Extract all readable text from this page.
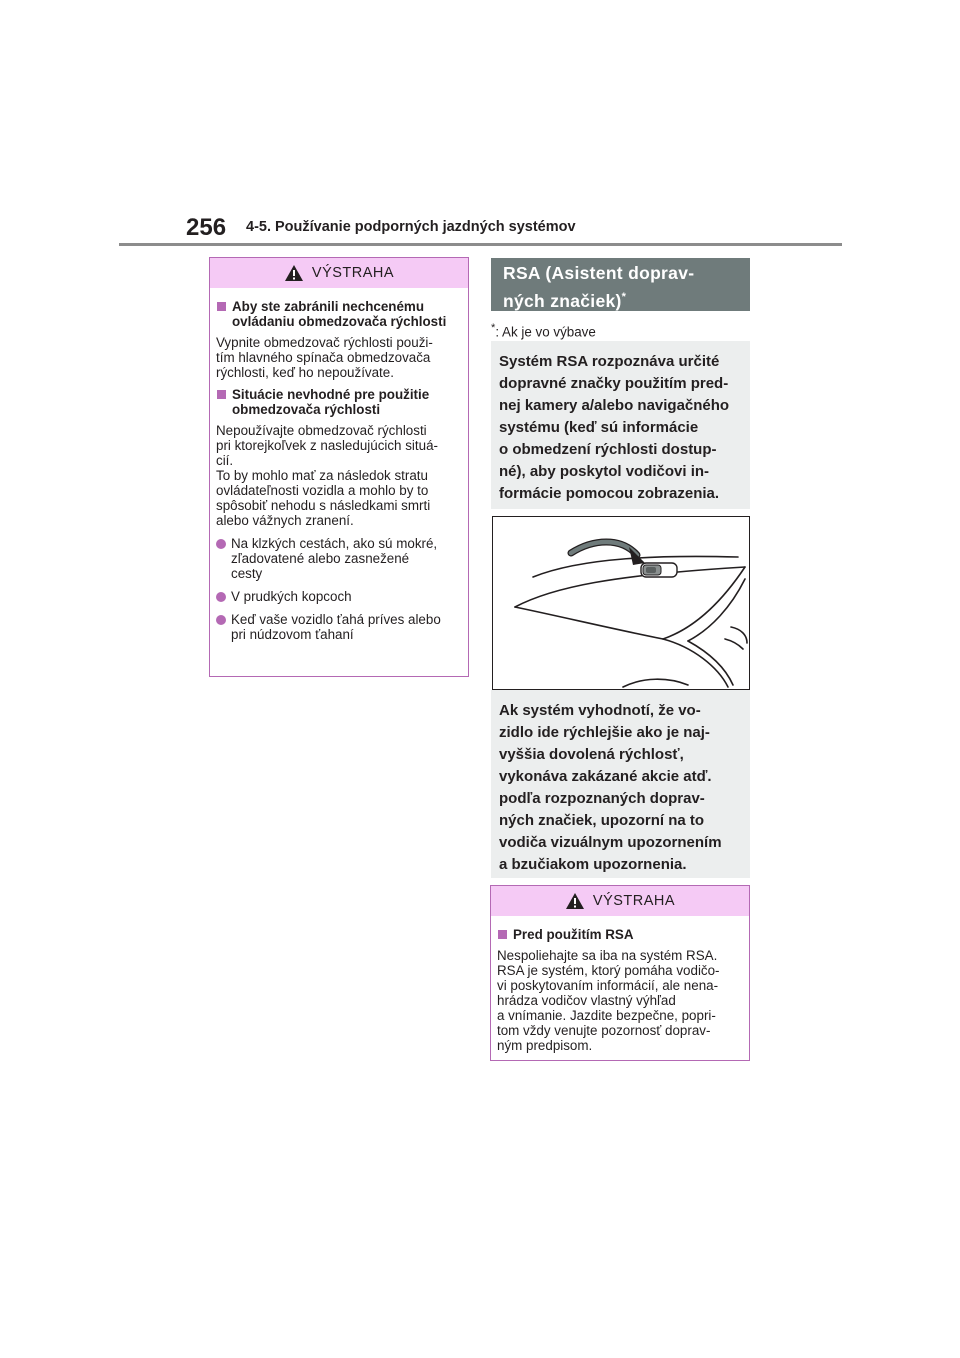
256 4-5. Používanie podporných jazdných systémov
VÝSTRAHA
Aby ste zabránili nechcenému
ovládaniu obmedzovača rýchlosti
Vypnite obmedzovač rýchlosti použi-
tím hlavného spínača obmedzovača
rýchlosti, keď ho nepoužívate.
Situácie nevhodné pre použitie
obmedzovača rýchlosti
Nepoužívajte obmedzovač rýchlosti
pri ktorejkoľvek z nasledujúcich situá-
cií.
To by mohlo mať za následok stratu
ovládateľnosti vozidla a mohlo by to
spôsobiť nehodu s následkami smrti
alebo vážnych zranení.
Na klzkých cestách, ako sú mokré,
zľadovatené alebo zasnežené
cesty
V prudkých kopcoch
Keď vaše vozidlo ťahá príves alebo
pri núdzovom ťahaní
RSA (Asistent doprav-
ných značiek)*
*: Ak je vo výbave
Systém RSA rozpoznáva určité
dopravné značky použitím pred-
nej kamery a/alebo navigačného
systému (keď sú informácie
o obmedzení rýchlosti dostup-
né), aby poskytol vodičovi in-
formácie pomocou zobrazenia.
Ak systém vyhodnotí, že vo-
zidlo ide rýchlejšie ako je naj-
vyššia dovolená rýchlosť,
vykonáva zakázané akcie atď.
podľa rozpoznaných doprav-
ných značiek, upozorní na to
vodiča vizuálnym upozornením
a bzučiakom upozornenia.
VÝSTRAHA
Pred použitím RSA
Nespoliehajte sa iba na systém RSA.
RSA je systém, ktorý pomáha vodičo-
vi poskytovaním informácií, ale nena-
hrádza vodičov vlastný výhľad
a vnímanie. Jazdite bezpečne, popri-
tom vždy venujte pozornosť doprav-
ným predpisom.
